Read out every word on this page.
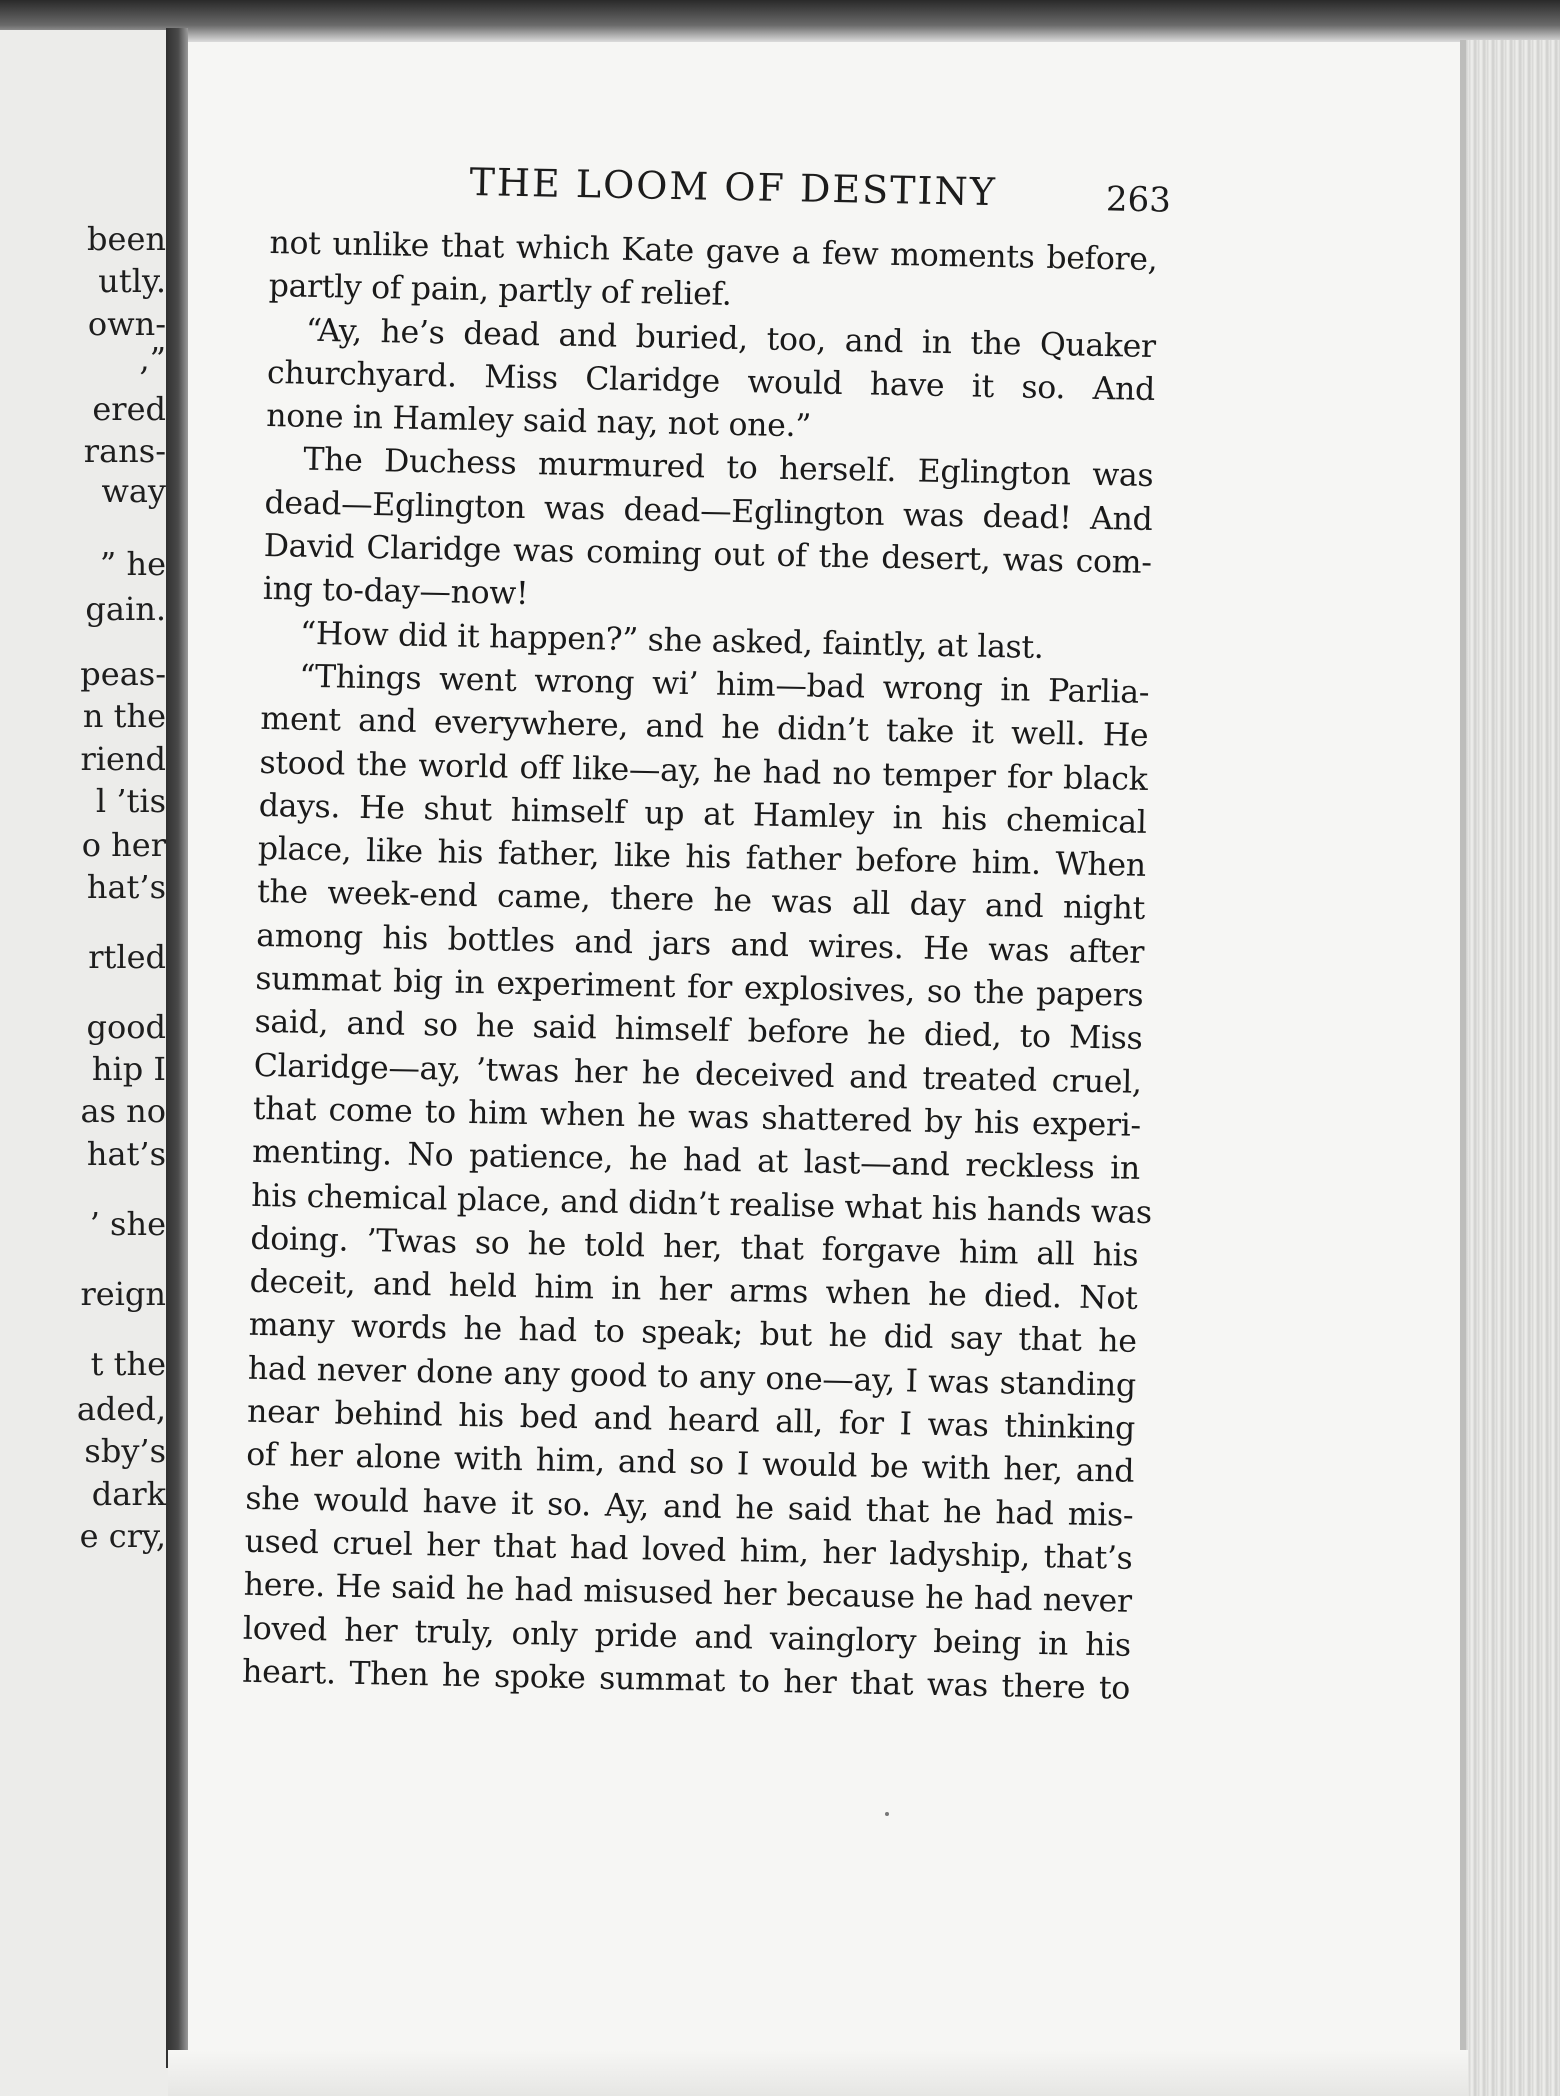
been
utly.
own-
,”
ered
rans-
way
” he
gain.
peas-
n the
riend
l ’tis
o her
hat’s
rtled
good
hip I
as no
hat’s
’ she
reign
t the
aded,
sby’s
dark
e cry,
THE LOOM OF DESTINY	263
not unlike that which Kate gave a few moments before,
partly of pain, partly of relief.
“Ay, he’s dead and buried, too, and in the Quaker
churchyard. Miss Claridge would have it so. And
none in Hamley said nay, not one.”
The Duchess murmured to herself. Eglington was
dead—Eglington was dead—Eglington was dead! And
David Claridge was coming out of the desert, was com-
ing to-day—now!
“How did it happen?” she asked, faintly, at last.
“Things went wrong wi’ him—bad wrong in Parlia-
ment and everywhere, and he didn’t take it well. He
stood the world off like—ay, he had no temper for black
days. He shut himself up at Hamley in his chemical
place, like his father, like his father before him. When
the week-end came, there he was all day and night
among his bottles and jars and wires. He was after
summat big in experiment for explosives, so the papers
said, and so he said himself before he died, to Miss
Claridge—ay, ’twas her he deceived and treated cruel,
that come to him when he was shattered by his experi-
menting. No patience, he had at last—and reckless in
his chemical place, and didn’t realise what his hands was
doing. ’Twas so he told her, that forgave him all his
deceit, and held him in her arms when he died. Not
many words he had to speak; but he did say that he
had never done any good to any one—ay, I was standing
near behind his bed and heard all, for I was thinking
of her alone with him, and so I would be with her, and
she would have it so. Ay, and he said that he had mis-
used cruel her that had loved him, her ladyship, that’s
here. He said he had misused her because he had never
loved her truly, only pride and vainglory being in his
heart. Then he spoke summat to her that was there to
